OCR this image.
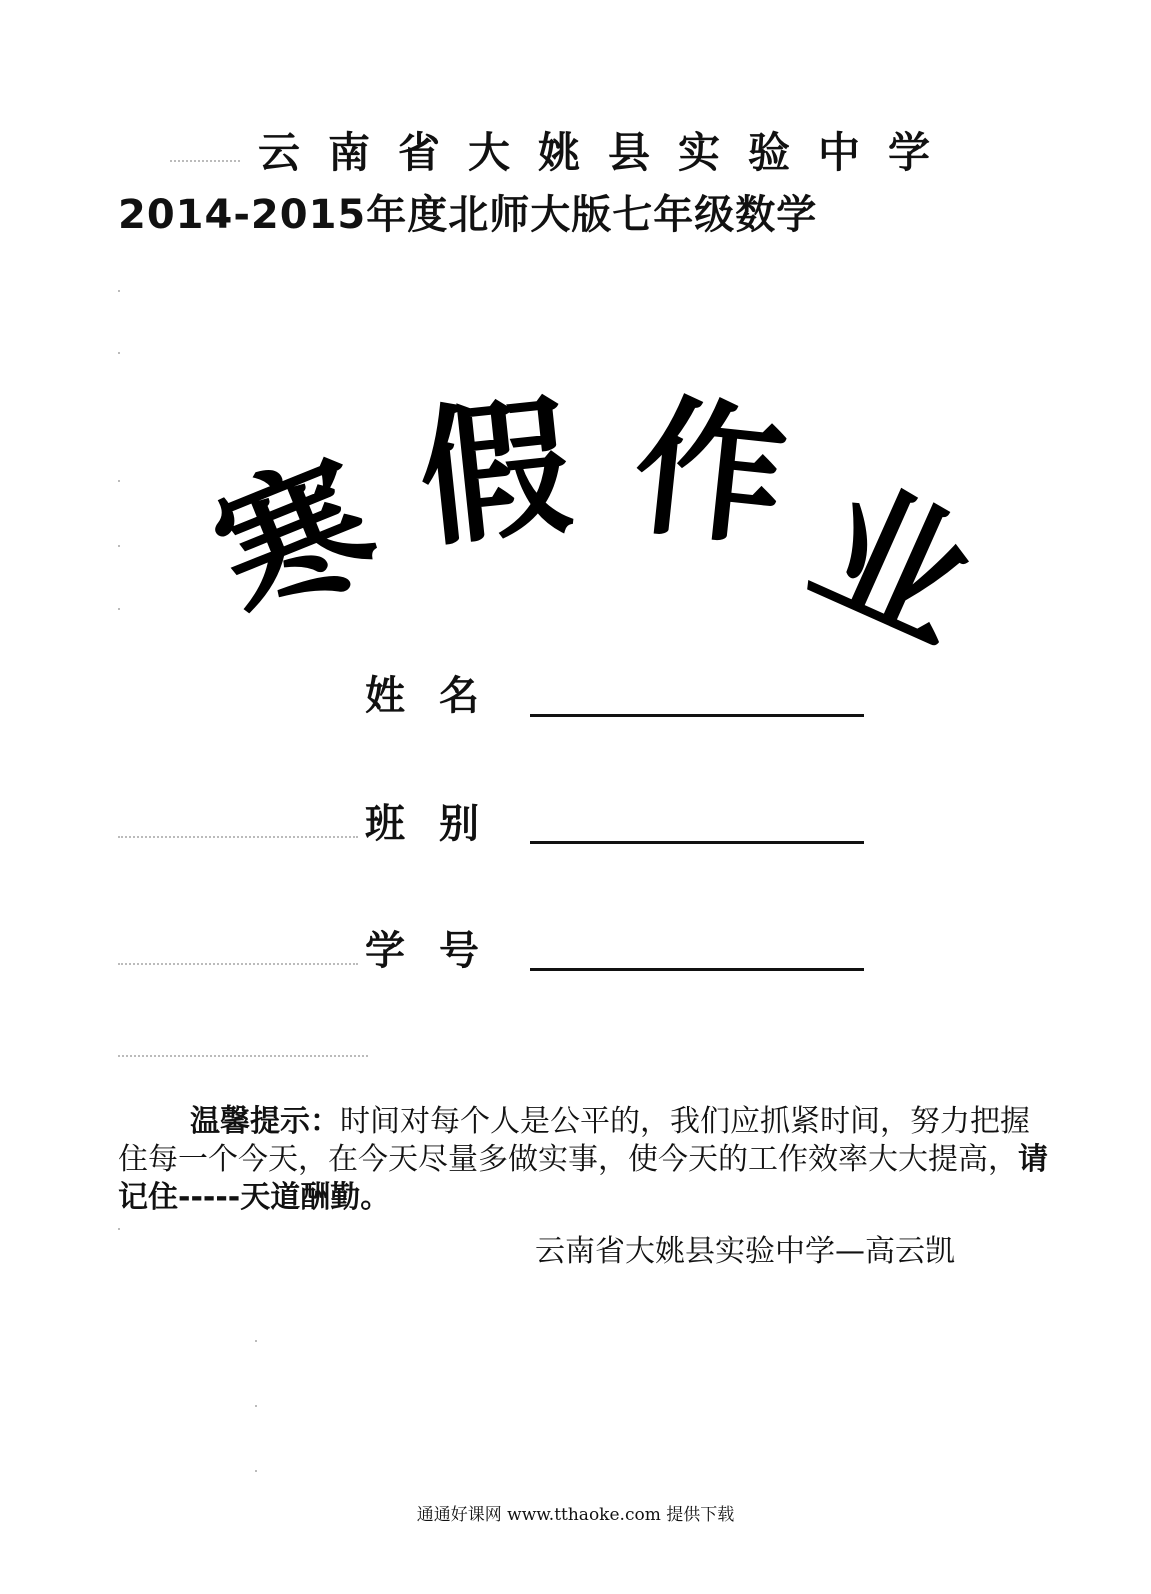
云南省大姚县实验中学
2014-2015年度北师大版七年级数学
寒 假 作
业
姓名
班别
学号
温馨提示：时间对每个人是公平的，我们应抓紧时间，努力把握住每一个今天，在今天尽量多做实事，使今天的工作效率大大提高，请记住-----天道酬勤。
云南省大姚县实验中学—高云凯
通通好课网 www.tthaoke.com 提供下载
